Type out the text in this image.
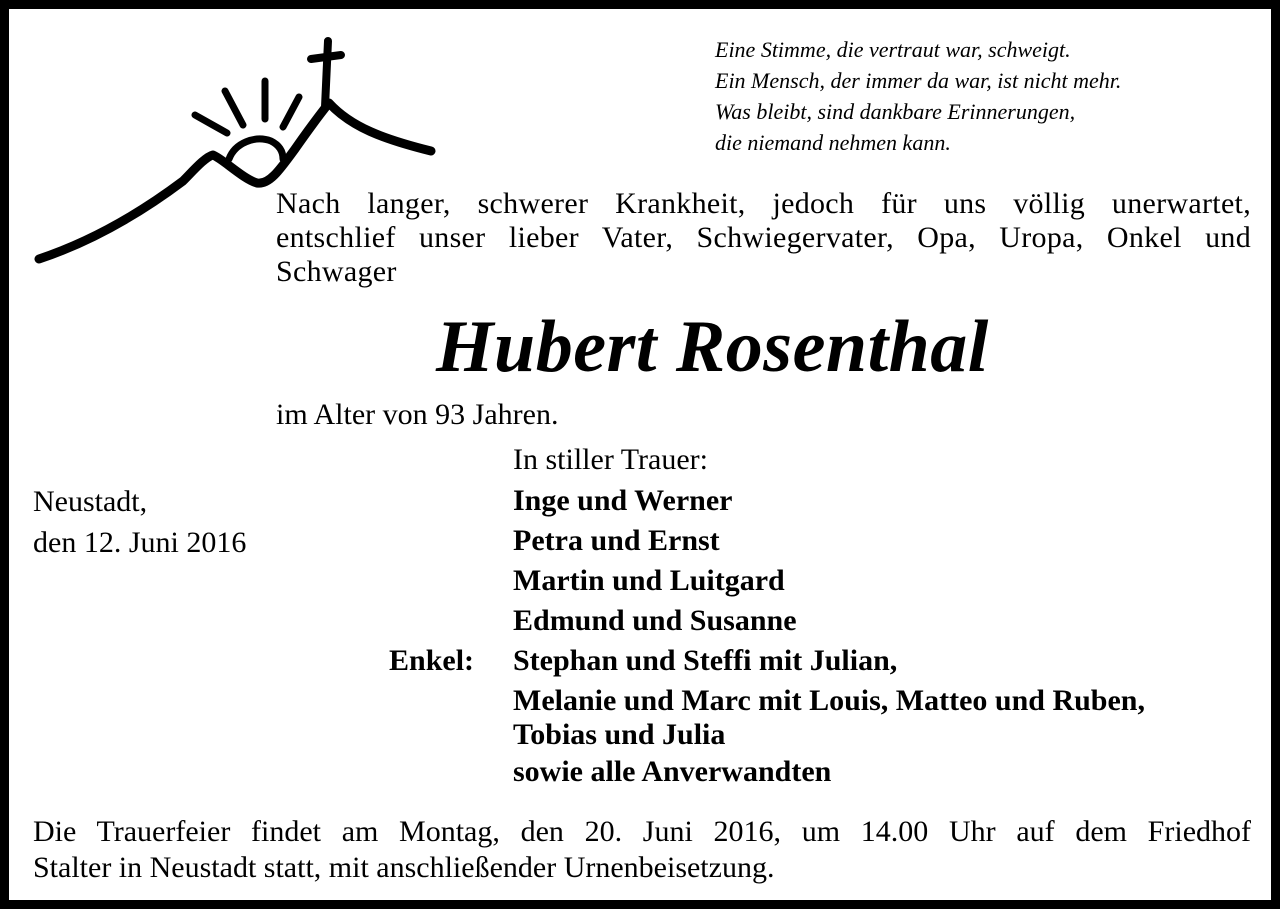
Eine Stimme, die vertraut war, schweigt.
Ein Mensch, der immer da war, ist nicht mehr.
Was bleibt, sind dankbare Erinnerungen,
die niemand nehmen kann.
Nach langer, schwerer Krankheit, jedoch für uns völlig unerwartet,
entschlief unser lieber Vater, Schwiegervater, Opa, Uropa, Onkel und
Schwager
Hubert Rosenthal
im Alter von 93 Jahren.
In stiller Trauer:
Neustadt,
den 12. Juni 2016
Inge und Werner
Petra und Ernst
Martin und Luitgard
Edmund und Susanne
Stephan und Steffi mit Julian,
Melanie und Marc mit Louis, Matteo und Ruben,
Tobias und Julia
sowie alle Anverwandten
Enkel:
Die Trauerfeier findet am Montag, den 20. Juni 2016, um 14.00 Uhr auf dem Friedhof
Stalter in Neustadt statt, mit anschließender Urnenbeisetzung.
